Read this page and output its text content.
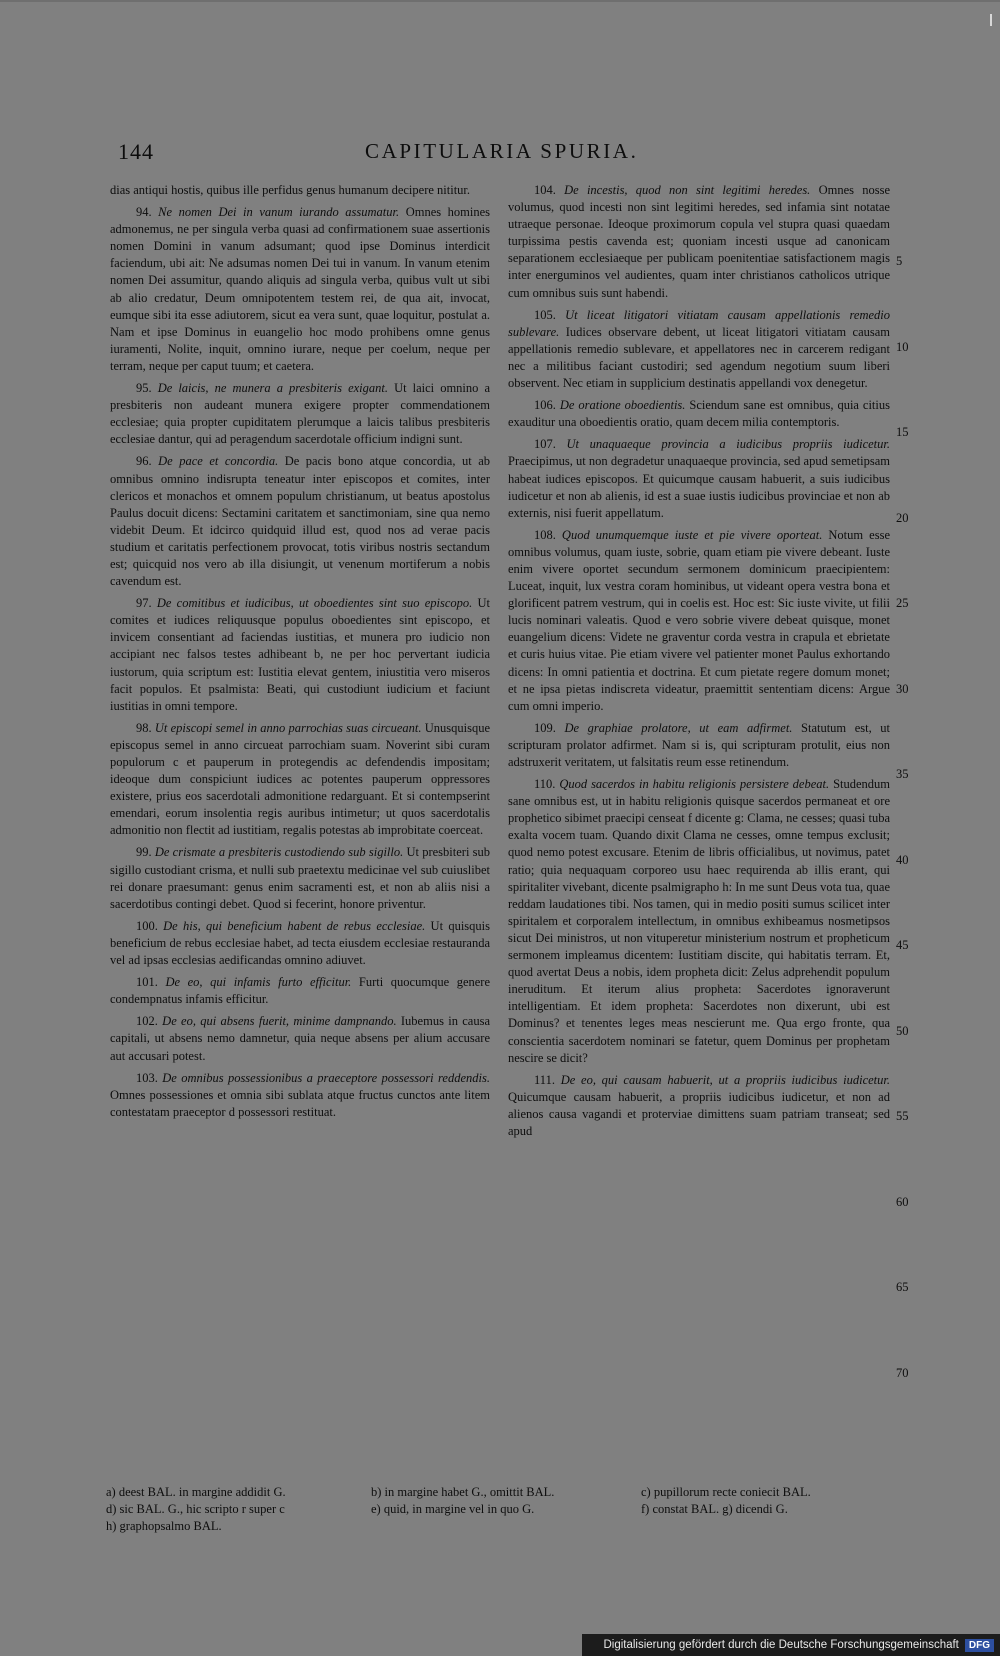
144	CAPITULARIA SPURIA.

dias antiqui hostis, quibus ille perfidus genus humanum decipere nititur.

94. Ne nomen Dei in vanum iurando assumatur. Omnes homines admonemus, ne per singula verba quasi ad confirmationem suae assertionis nomen Domini in vanum adsumant; quod ipse Dominus interdicit faciendum, ubi ait: Ne adsumas nomen Dei tui in vanum. In vanum etenim nomen Dei assumitur, quando aliquis ad singula verba, quibus vult ut sibi ab alio credatur, Deum omnipotentem testem rei, de qua ait, invocat, eumque sibi ita esse adiutorem, sicut ea vera sunt, quae loquitur, postulat a. Nam et ipse Dominus in euangelio hoc modo prohibens omne genus iuramenti, Nolite, inquit, omnino iurare, neque per coelum, neque per terram, neque per caput tuum; et caetera.

95. De laicis, ne munera a presbiteris exigant. Ut laici omnino a presbiteris non audeant munera exigere propter commendationem ecclesiae; quia propter cupiditatem plerumque a laicis talibus presbiteris ecclesiae dantur, qui ad peragendum sacerdotale officium indigni sunt.

96. De pace et concordia. De pacis bono atque concordia, ut ab omnibus omnino indisrupta teneatur inter episcopos et comites, inter clericos et monachos et omnem populum christianum, ut beatus apostolus Paulus docuit dicens: Sectamini caritatem et sanctimoniam, sine qua nemo videbit Deum. Et idcirco quidquid illud est, quod nos ad verae pacis studium et caritatis perfectionem provocat, totis viribus nostris sectandum est; quicquid nos vero ab illa disiungit, ut venenum mortiferum a nobis cavendum est.

97. De comitibus et iudicibus, ut oboedientes sint suo episcopo. Ut comites et iudices reliquusque populus oboedientes sint episcopo, et invicem consentiant ad faciendas iustitias, et munera pro iudicio non accipiant nec falsos testes adhibeant b, ne per hoc pervertant iudicia iustorum, quia scriptum est: Iustitia elevat gentem, iniustitia vero miseros facit populos. Et psalmista: Beati, qui custodiunt iudicium et faciunt iustitias in omni tempore.

98. Ut episcopi semel in anno parrochias suas circueant. Unusquisque episcopus semel in anno circueat parrochiam suam. Noverint sibi curam populorum c et pauperum in protegendis ac defendendis impositam; ideoque dum conspiciunt iudices ac potentes pauperum oppressores existere, prius eos sacerdotali admonitione redarguant. Et si contempserint emendari, eorum insolentia regis auribus intimetur; ut quos sacerdotalis admonitio non flectit ad iustitiam, regalis potestas ab improbitate coerceat.

99. De crismate a presbiteris custodiendo sub sigillo. Ut presbiteri sub sigillo custodiant crisma, et nulli sub praetextu medicinae vel sub cuiuslibet rei donare praesumant: genus enim sacramenti est, et non ab aliis nisi a sacerdotibus contingi debet. Quod si fecerint, honore priventur.

100. De his, qui beneficium habent de rebus ecclesiae. Ut quisquis beneficium de rebus ecclesiae habet, ad tecta eiusdem ecclesiae restauranda vel ad ipsas ecclesias aedificandas omnino adiuvet.

101. De eo, qui infamis furto efficitur. Furti quocumque genere condempnatus infamis efficitur.

102. De eo, qui absens fuerit, minime dampnando. Iubemus in causa capitali, ut absens nemo damnetur, quia neque absens per alium accusare aut accusari potest.

103. De omnibus possessionibus a praeceptore possessori reddendis. Omnes possessiones et omnia sibi sublata atque fructus cunctos ante litem contestatam praeceptor d possessori restituat.

104. De incestis, quod non sint legitimi heredes. Omnes nosse volumus, quod incesti non sint legitimi heredes, sed infamia sint notatae utraeque personae. Ideoque proximorum copula vel stupra quasi quaedam turpissima pestis cavenda est; quoniam incesti usque ad canonicam separationem ecclesiaeque per publicam poenitentiae satisfactionem magis inter energuminos vel audientes, quam inter christianos catholicos utrique cum omnibus suis sunt habendi.

105. Ut liceat litigatori vitiatam causam appellationis remedio sublevare. Iudices observare debent, ut liceat litigatori vitiatam causam appellationis remedio sublevare, et appellatores nec in carcerem redigant nec a militibus faciant custodiri; sed agendum negotium suum liberi observent. Nec etiam in supplicium destinatis appellandi vox denegetur.

106. De oratione oboedientis. Sciendum sane est omnibus, quia citius exauditur una oboedientis oratio, quam decem milia contemptoris.

107. Ut unaquaeque provincia a iudicibus propriis iudicetur. Praecipimus, ut non degradetur unaquaeque provincia, sed apud semetipsam habeat iudices episcopos. Et quicumque causam habuerit, a suis iudicibus iudicetur et non ab alienis, id est a suae iustis iudicibus provinciae et non ab externis, nisi fuerit appellatum.

108. Quod unumquemque iuste et pie vivere oporteat. Notum esse omnibus volumus, quam iuste, sobrie, quam etiam pie vivere debeant. Iuste enim vivere oportet secundum sermonem dominicum praecipientem: Luceat, inquit, lux vestra coram hominibus, ut videant opera vestra bona et glorificent patrem vestrum, qui in coelis est. Hoc est: Sic iuste vivite, ut filii lucis nominari valeatis. Quod e vero sobrie vivere debeat quisque, monet euangelium dicens: Videte ne graventur corda vestra in crapula et ebrietate et curis huius vitae. Pie etiam vivere vel patienter monet Paulus exhortando dicens: In omni patientia et doctrina. Et cum pietate regere domum monet; et ne ipsa pietas indiscreta videatur, praemittit sententiam dicens: Argue cum omni imperio.

109. De graphiae prolatore, ut eam adfirmet. Statutum est, ut scripturam prolator adfirmet. Nam si is, qui scripturam protulit, eius non adstruxerit veritatem, ut falsitatis reum esse retinendum.

110. Quod sacerdos in habitu religionis persistere debeat. Studendum sane omnibus est, ut in habitu religionis quisque sacerdos permaneat et ore prophetico sibimet praecipi censeat f dicente g: Clama, ne cesses; quasi tuba exalta vocem tuam. Quando dixit Clama ne cesses, omne tempus exclusit; quod nemo potest excusare. Etenim de libris officialibus, ut novimus, patet ratio; quia nequaquam corporeo usu haec requirenda ab illis erant, qui spiritaliter vivebant, dicente psalmigrapho h: In me sunt Deus vota tua, quae reddam laudationes tibi. Nos tamen, qui in medio positi sumus scilicet inter spiritalem et corporalem intellectum, in omnibus exhibeamus nosmetipsos sicut Dei ministros, ut non vituperetur ministerium nostrum et propheticum sermonem impleamus dicentem: Iustitiam discite, qui habitatis terram. Et, quod avertat Deus a nobis, idem propheta dicit: Zelus adprehendit populum ineruditum. Et iterum alius propheta: Sacerdotes ignoraverunt intelligentiam. Et idem propheta: Sacerdotes non dixerunt, ubi est Dominus? et tenentes leges meas nescierunt me. Qua ergo fronte, qua conscientia sacerdotem nominari se fatetur, quem Dominus per prophetam nescire se dicit?

111. De eo, qui causam habuerit, ut a propriis iudicibus iudicetur. Quicumque causam habuerit, a propriis iudicibus iudicetur, et non ad alienos causa vagandi et proterviae dimittens suam patriam transeat; sed apud

5
10
15
20
25
30
35
40
45
50
55
60
65
70
a) deest BAL. in margine addidit G.	b) in margine habet G., omittit BAL.	c) pupillorum recte coniecit BAL.
d) sic BAL. G., hic scripto r super c	e) quid, in margine vel in quo G.	f) constat BAL. g) dicendi G.
h) graphopsalmo BAL.
Digitalisierung gefördert durch die Deutsche Forschungsgemeinschaft	DFG
